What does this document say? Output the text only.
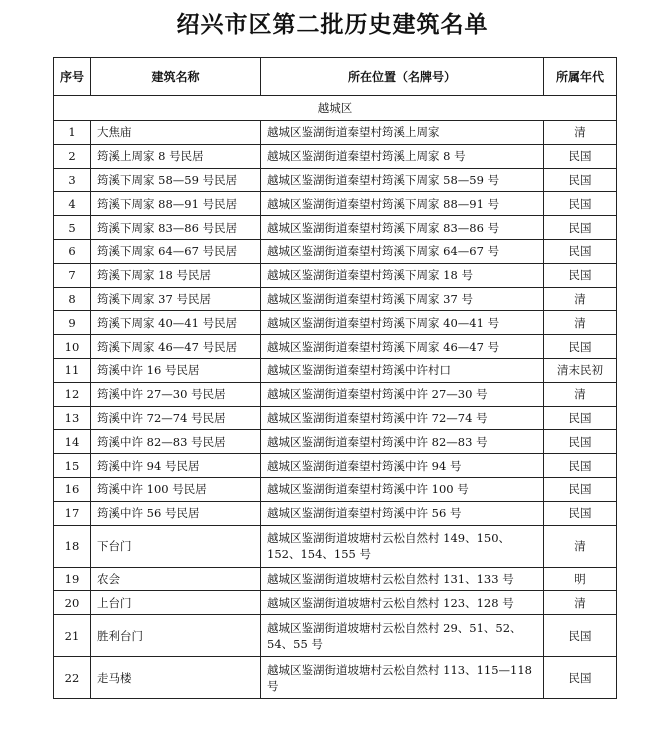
绍兴市区第二批历史建筑名单
序号	建筑名称	所在位置（名牌号）	所属年代
越城区			
1	大焦庙	越城区鉴湖街道秦望村筠溪上周家	清
2	筠溪上周家 8 号民居	越城区鉴湖街道秦望村筠溪上周家 8 号	民国
3	筠溪下周家 58—59 号民居	越城区鉴湖街道秦望村筠溪下周家 58—59 号	民国
4	筠溪下周家 88—91 号民居	越城区鉴湖街道秦望村筠溪下周家 88—91 号	民国
5	筠溪下周家 83—86 号民居	越城区鉴湖街道秦望村筠溪下周家 83—86 号	民国
6	筠溪下周家 64—67 号民居	越城区鉴湖街道秦望村筠溪下周家 64—67 号	民国
7	筠溪下周家 18 号民居	越城区鉴湖街道秦望村筠溪下周家 18 号	民国
8	筠溪下周家 37 号民居	越城区鉴湖街道秦望村筠溪下周家 37 号	清
9	筠溪下周家 40—41 号民居	越城区鉴湖街道秦望村筠溪下周家 40—41 号	清
10	筠溪下周家 46—47 号民居	越城区鉴湖街道秦望村筠溪下周家 46—47 号	民国
11	筠溪中许 16 号民居	越城区鉴湖街道秦望村筠溪中许村口	清末民初
12	筠溪中许 27—30 号民居	越城区鉴湖街道秦望村筠溪中许 27—30 号	清
13	筠溪中许 72—74 号民居	越城区鉴湖街道秦望村筠溪中许 72—74 号	民国
14	筠溪中许 82—83 号民居	越城区鉴湖街道秦望村筠溪中许 82—83 号	民国
15	筠溪中许 94 号民居	越城区鉴湖街道秦望村筠溪中许 94 号	民国
16	筠溪中许 100 号民居	越城区鉴湖街道秦望村筠溪中许 100 号	民国
17	筠溪中许 56 号民居	越城区鉴湖街道秦望村筠溪中许 56 号	民国
18	下台门	越城区鉴湖街道坡塘村云松自然村 149、150、152、154、155 号	清
19	农会	越城区鉴湖街道坡塘村云松自然村 131、133 号	明
20	上台门	越城区鉴湖街道坡塘村云松自然村 123、128 号	清
21	胜利台门	越城区鉴湖街道坡塘村云松自然村 29、51、52、54、55 号	民国
22	走马楼	越城区鉴湖街道坡塘村云松自然村 113、115—118 号	民国
